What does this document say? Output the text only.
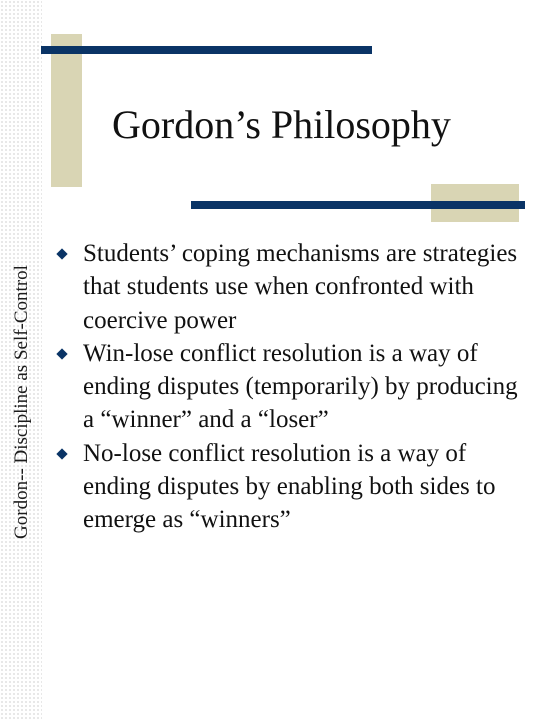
Gordon-- Discipline as Self-Control
Gordon’s Philosophy
Students’ coping mechanisms are strategies that students use when confronted with coercive power
Win-lose conflict resolution is a way of ending disputes (temporarily) by producing a “winner” and a “loser”
No-lose conflict resolution is a way of ending disputes by enabling both sides to emerge as “winners”
